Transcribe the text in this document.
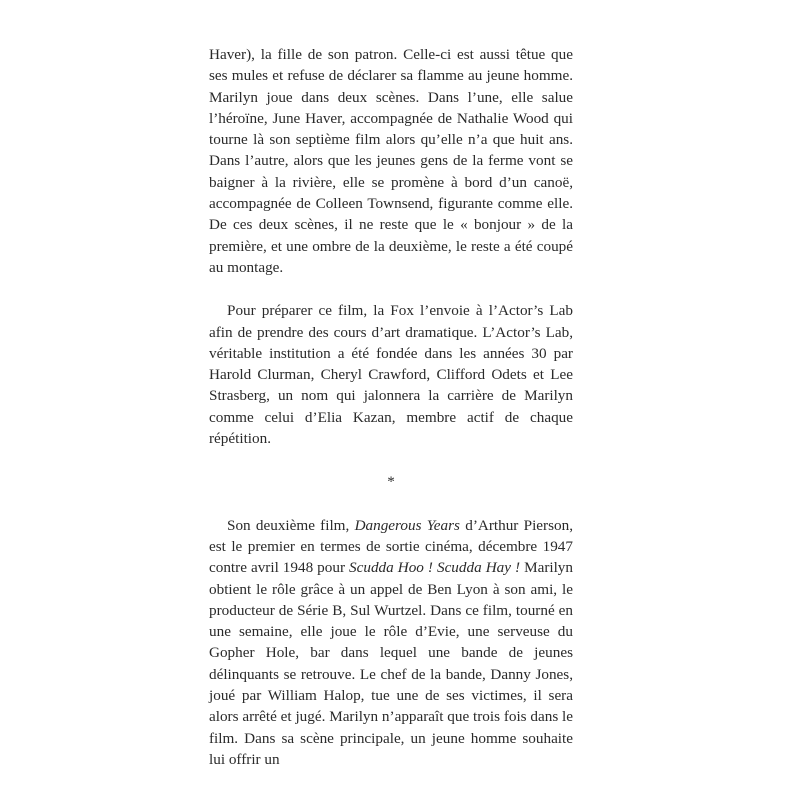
Haver), la fille de son patron. Celle-ci est aussi têtue que ses mules et refuse de déclarer sa flamme au jeune homme. Marilyn joue dans deux scènes. Dans l’une, elle salue l’héroïne, June Haver, accompagnée de Nathalie Wood qui tourne là son septième film alors qu’elle n’a que huit ans. Dans l’autre, alors que les jeunes gens de la ferme vont se baigner à la rivière, elle se promène à bord d’un canoë, accompagnée de Colleen Townsend, figurante comme elle. De ces deux scènes, il ne reste que le « bonjour » de la première, et une ombre de la deuxième, le reste a été coupé au montage.

Pour préparer ce film, la Fox l’envoie à l’Actor’s Lab afin de prendre des cours d’art dramatique. L’Actor’s Lab, véritable institution a été fondée dans les années 30 par Harold Clurman, Cheryl Crawford, Clifford Odets et Lee Strasberg, un nom qui jalonnera la carrière de Marilyn comme celui d’Elia Kazan, membre actif de chaque répétition.

*

Son deuxième film, Dangerous Years d’Arthur Pierson, est le premier en termes de sortie cinéma, décembre 1947 contre avril 1948 pour Scudda Hoo ! Scudda Hay ! Marilyn obtient le rôle grâce à un appel de Ben Lyon à son ami, le producteur de Série B, Sul Wurtzel. Dans ce film, tourné en une semaine, elle joue le rôle d’Evie, une serveuse du Gopher Hole, bar dans lequel une bande de jeunes délinquants se retrouve. Le chef de la bande, Danny Jones, joué par William Halop, tue une de ses victimes, il sera alors arrêté et jugé. Marilyn n’apparaît que trois fois dans le film. Dans sa scène principale, un jeune homme souhaite lui offrir un
